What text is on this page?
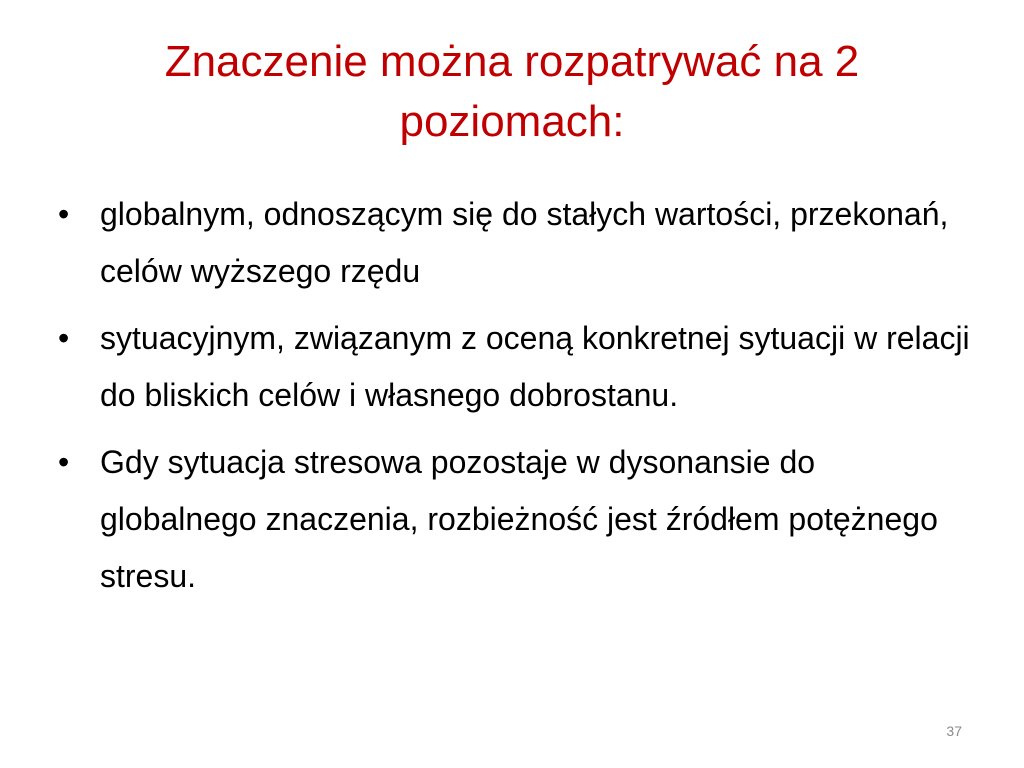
Znaczenie można rozpatrywać na 2 poziomach:
• globalnym, odnoszącym się do stałych wartości, przekonań, celów wyższego rzędu
• sytuacyjnym, związanym z oceną konkretnej sytuacji w relacji do bliskich celów i własnego dobrostanu.
• Gdy sytuacja stresowa pozostaje w dysonansie do globalnego znaczenia, rozbieżność jest źródłem potężnego stresu.
37
